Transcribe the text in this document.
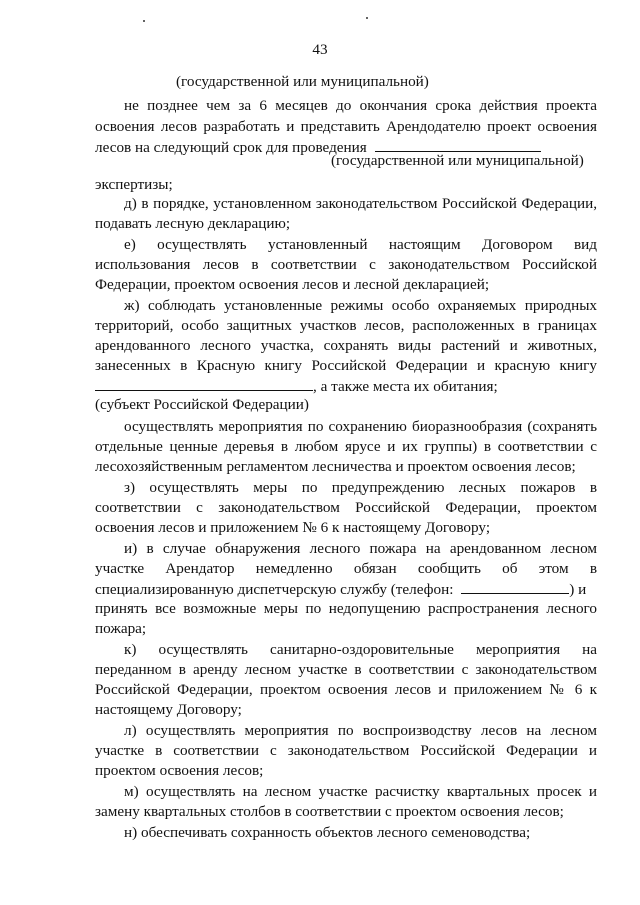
43
(государственной или муниципальной)
не позднее чем за 6 месяцев до окончания срока действия проекта
освоения лесов разработать и представить Арендодателю проект освоения
лесов на следующий срок для проведения
(государственной или муниципальной)
экспертизы;
д) в порядке, установленном законодательством Российской Федерации,
подавать лесную декларацию;
е) осуществлять установленный настоящим Договором вид
использования лесов в соответствии с законодательством Российской
Федерации, проектом освоения лесов и лесной декларацией;
ж) соблюдать установленные режимы особо охраняемых природных
территорий, особо защитных участков лесов, расположенных в границах
арендованного лесного участка, сохранять виды растений и животных,
занесенных в Красную книгу Российской Федерации и красную книгу
, а также места их обитания;
(субъект Российской Федерации)
осуществлять мероприятия по сохранению биоразнообразия (сохранять
отдельные ценные деревья в любом ярусе и их группы) в соответствии с
лесохозяйственным регламентом лесничества и проектом освоения лесов;
з) осуществлять меры по предупреждению лесных пожаров в
соответствии с законодательством Российской Федерации, проектом
освоения лесов и приложением № 6 к настоящему Договору;
и) в случае обнаружения лесного пожара на арендованном лесном
участке Арендатор немедленно обязан сообщить об этом в
специализированную диспетчерскую службу (телефон:	) и
принять все возможные меры по недопущению распространения лесного
пожара;
к) осуществлять санитарно-оздоровительные мероприятия на
переданном в аренду лесном участке в соответствии с законодательством
Российской Федерации, проектом освоения лесов и приложением № 6 к
настоящему Договору;
л) осуществлять мероприятия по воспроизводству лесов на лесном
участке в соответствии с законодательством Российской Федерации и
проектом освоения лесов;
м) осуществлять на лесном участке расчистку квартальных просек и
замену квартальных столбов в соответствии с проектом освоения лесов;
н) обеспечивать сохранность объектов лесного семеноводства;
